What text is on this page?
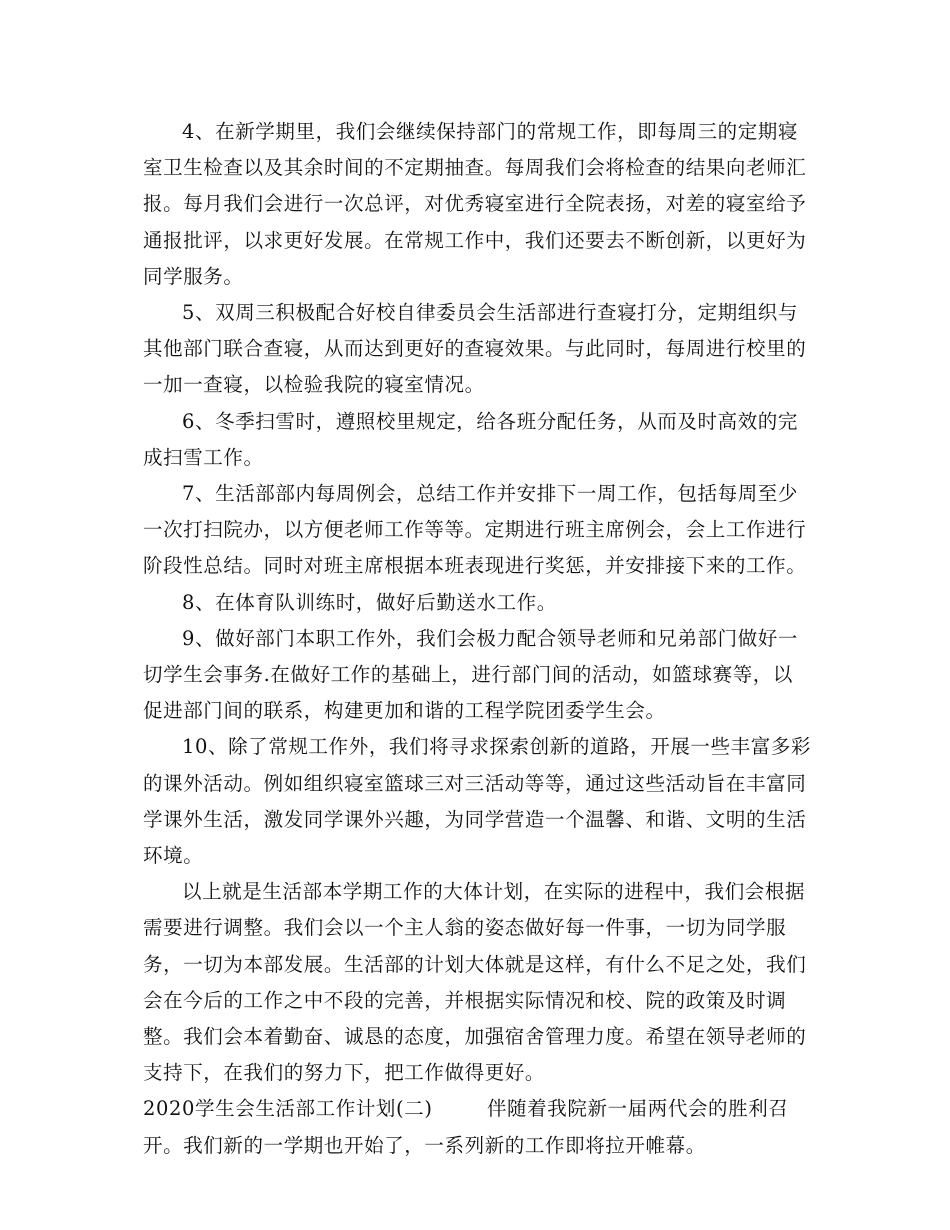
4、在新学期里，我们会继续保持部门的常规工作，即每周三的定期寝室卫生检查以及其余时间的不定期抽查。每周我们会将检查的结果向老师汇报。每月我们会进行一次总评，对优秀寝室进行全院表扬，对差的寝室给予通报批评，以求更好发展。在常规工作中，我们还要去不断创新，以更好为同学服务。

5、双周三积极配合好校自律委员会生活部进行查寝打分，定期组织与其他部门联合查寝，从而达到更好的查寝效果。与此同时，每周进行校里的一加一查寝，以检验我院的寝室情况。

6、冬季扫雪时，遵照校里规定，给各班分配任务，从而及时高效的完成扫雪工作。

7、生活部部内每周例会，总结工作并安排下一周工作，包括每周至少一次打扫院办，以方便老师工作等等。定期进行班主席例会，会上工作进行阶段性总结。同时对班主席根据本班表现进行奖惩，并安排接下来的工作。

8、在体育队训练时，做好后勤送水工作。

9、做好部门本职工作外，我们会极力配合领导老师和兄弟部门做好一切学生会事务.在做好工作的基础上，进行部门间的活动，如篮球赛等，以促进部门间的联系，构建更加和谐的工程学院团委学生会。

10、除了常规工作外，我们将寻求探索创新的道路，开展一些丰富多彩的课外活动。例如组织寝室篮球三对三活动等等，通过这些活动旨在丰富同学课外生活，激发同学课外兴趣，为同学营造一个温馨、和谐、文明的生活环境。

以上就是生活部本学期工作的大体计划，在实际的进程中，我们会根据需要进行调整。我们会以一个主人翁的姿态做好每一件事，一切为同学服务，一切为本部发展。生活部的计划大体就是这样，有什么不足之处，我们会在今后的工作之中不段的完善，并根据实际情况和校、院的政策及时调整。我们会本着勤奋、诚恳的态度，加强宿舍管理力度。希望在领导老师的支持下，在我们的努力下，把工作做得更好。

2020学生会生活部工作计划(二)	伴随着我院新一届两代会的胜利召开。我们新的一学期也开始了，一系列新的工作即将拉开帷幕。
